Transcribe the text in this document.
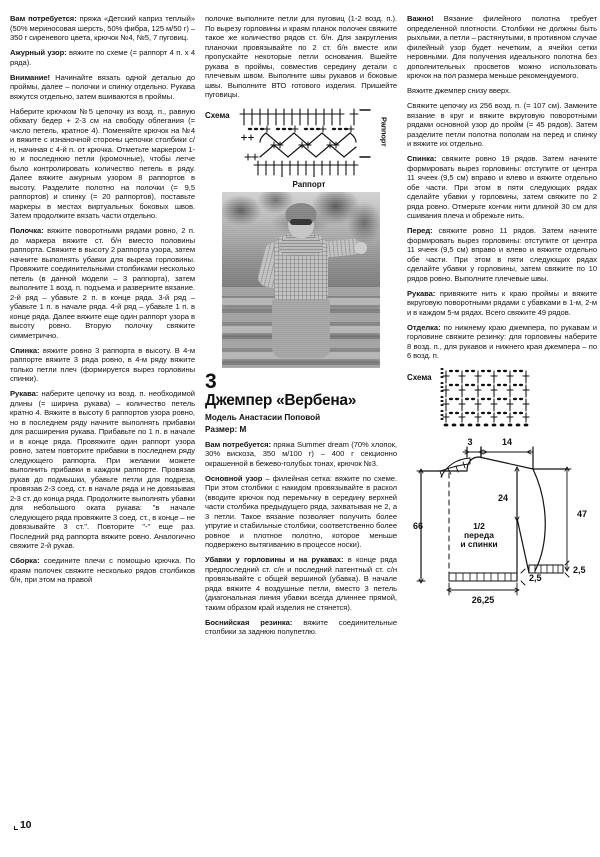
Вам потребуется: пряжа «Детский каприз теплый» (50% мериносовая шерсть, 50% фибра, 125 м/50 г) – 350 г сиреневого цвета, крючок №4, №5, 7 пуговиц.

Ажурный узор: вяжите по схеме (= раппорт 4 п. х 4 ряда).

Внимание! Начинайте вязать одной деталью до проймы, далее – полочки и спинку отдельно. Рукава вяжутся отдельно, затем вшиваются в проймы.

Наберите крючком №5 цепочку из возд. п., равную обхвату бедер + 2-3 см на свободу облегания (= число петель, кратное 4). Поменяйте крючок на №4 и вяжите с изнаночной стороны цепочки столбики с/н, начиная с 4-й п. от крючка. Отметьте маркером 1-ю и последнюю петли (кромочные), чтобы легче было контролировать количество петель в ряду. Далее вяжите ажурным узором 8 раппортов в высоту. Разделите полотно на полочки (= 9,5 раппортов) и спинку (= 20 раппортов), поставьте маркеры в местах виртуальных боковых швов. Затем продолжите вязать части отдельно.

Полочка: вяжите поворотными рядами ровно, 2 п. до маркера вяжите ст. б/н вместо половины раппорта. Свяжите в высоту 2 раппорта узора, затем начните выполнять убавки для выреза горловины. Провяжите соединительными столбиками несколько петель (в данной модели – 3 раппорта), затем выполните 1 возд. п. подъема и разверните вязание. 2-й ряд – убавьте 2 п. в конце ряда. 3-й ряд – убавьте 1 п. в начале ряда. 4-й ряд – убавьте 1 п. в конце ряда. Далее вяжите еще один раппорт узора в высоту ровно. Вторую полочку свяжите симметрично.

Спинка: вяжите ровно 3 раппорта в высоту. В 4-м раппорте вяжите 3 ряда ровно, в 4-м ряду вяжите только петли плеч (формируется вырез горловины спинки).

Рукава: наберите цепочку из возд. п. необходимой длины (= ширина рукава) – количество петель кратно 4. Вяжите в высоту 6 раппортов узора ровно, но в последнем ряду начните выполнять прибавки для расширения рукава. Прибавьте по 1 п. в начале и в конце ряда. Провяжите один раппорт узора ровно, затем повторите прибавки в последнем ряду следующего раппорта. При желании можете выполнить прибавки в каждом раппорте. Провязав рукав до подмышки, убавьте петли для подреза, провязав 2-3 соед. ст. в начале ряда и не довязывая 2-3 ст. до конца ряда. Продолжите выполнять убавки для небольшого оката рукава: "в начале следующего ряда провяжите 3 соед. ст., в конце – не довязывайте 3 ст.". Повторите "-" еще раз. Последний ряд раппорта вяжите ровно. Аналогично свяжите 2-й рукав.

Сборка: соедините плечи с помощью крючка. По краям полочек свяжите несколько рядов столбиков б/н, при этом на правой

полочке выполните петли для пуговиц (1-2 возд. п.). По вырезу горловины и краям планок полочек свяжите такое же количество рядов ст. б/н. Для закругления планочки провязывайте по 2 ст. б/н вместе или пропускайте некоторые петли основания. Вшейте рукава в проймы, совместив середину детали с плечевым швом. Выполните швы рукавов и боковые швы. Выполните ВТО готового изделия. Пришейте пуговицы.

Схема
Раппорт
Раппорт
3
Джемпер «Вербена»
Модель Анастасии Поповой
Размер: M

Вам потребуется: пряжа Summer dream (70% хлопок, 30% вискоза, 350 м/100 г) – 400 г секционно окрашенной в бежево-голубых тонах, крючок №3.

Основной узор – филейная сетка: вяжите по схеме. При этом столбики с накидом провязывайте в раскол (вводите крючок под перемычку в середину верхней части столбика предыдущего ряда, захватывая не 2, а 3 петли. Такое вязание позволяет получить более упругие и стабильные столбики, соответственно более ровное и плотное полотно, которое меньше подвержено вытягиванию в процессе носки).

Убавки у горловины и на рукавах: в конце ряда предпоследний ст. с/н и последний патентный ст. с/н провязывайте с общей вершиной (убавка). В начале ряда вяжите 4 воздушные петли, вместо 3 петель (диагональная линия убавки всегда длиннее прямой, таким образом край изделия не стянется).

Боснийская резинка: вяжите соединительные столбики за заднюю полупетлю.

Важно! Вязание филейного полотна требует определенной плотности. Столбики не должны быть рыхлыми, а петли – растянутыми, в противном случае филейный узор будет нечетким, а ячейки сетки неровными. Для получения идеального полотна без дополнительных просветов можно использовать крючок на пол размера меньше рекомендуемого.

Вяжите джемпер снизу вверх.

Свяжите цепочку из 256 возд. п. (= 107 см). Замкните вязание в круг и вяжите вкруговую поворотными рядами основной узор до пройм (= 45 рядов). Затем разделите петли полотна пополам на перед и спинку и вяжите их отдельно.

Спинка: свяжите ровно 19 рядов. Затем начните формировать вырез горловины: отступите от центра 11 ячеек (9,5 см) вправо и влево и вяжите отдельно обе части. При этом в пяти следующих рядах сделайте убавки у горловины, затем свяжите по 2 ряда ровно. Отмерьте кончик нити длиной 30 см для сшивания плеча и обрежьте нить.

Перед: свяжите ровно 11 рядов. Затем начните формировать вырез горловины: отступите от центра 11 ячеек (9,5 см) вправо и влево и вяжите отдельно обе части. При этом в пяти следующих рядах сделайте убавки у горловины, затем свяжите по 10 рядов ровно. Выполните плечевые швы.

Рукава: привяжите нить к краю проймы и вяжите вкруговую поворотными рядами с убавками в 1-м, 2-м и в каждом 5-м рядах. Всего свяжите 49 рядов.

Отделка: по нижнему краю джемпера, по рукавам и горловине свяжите резинку: для горловины наберите 8 возд. п., для рукавов и нижнего края джемпера – по 6 возд. п.

Схема
3	14
24
47
66
26,25
2,5
2,5
1/2
переда
и спинки
10
